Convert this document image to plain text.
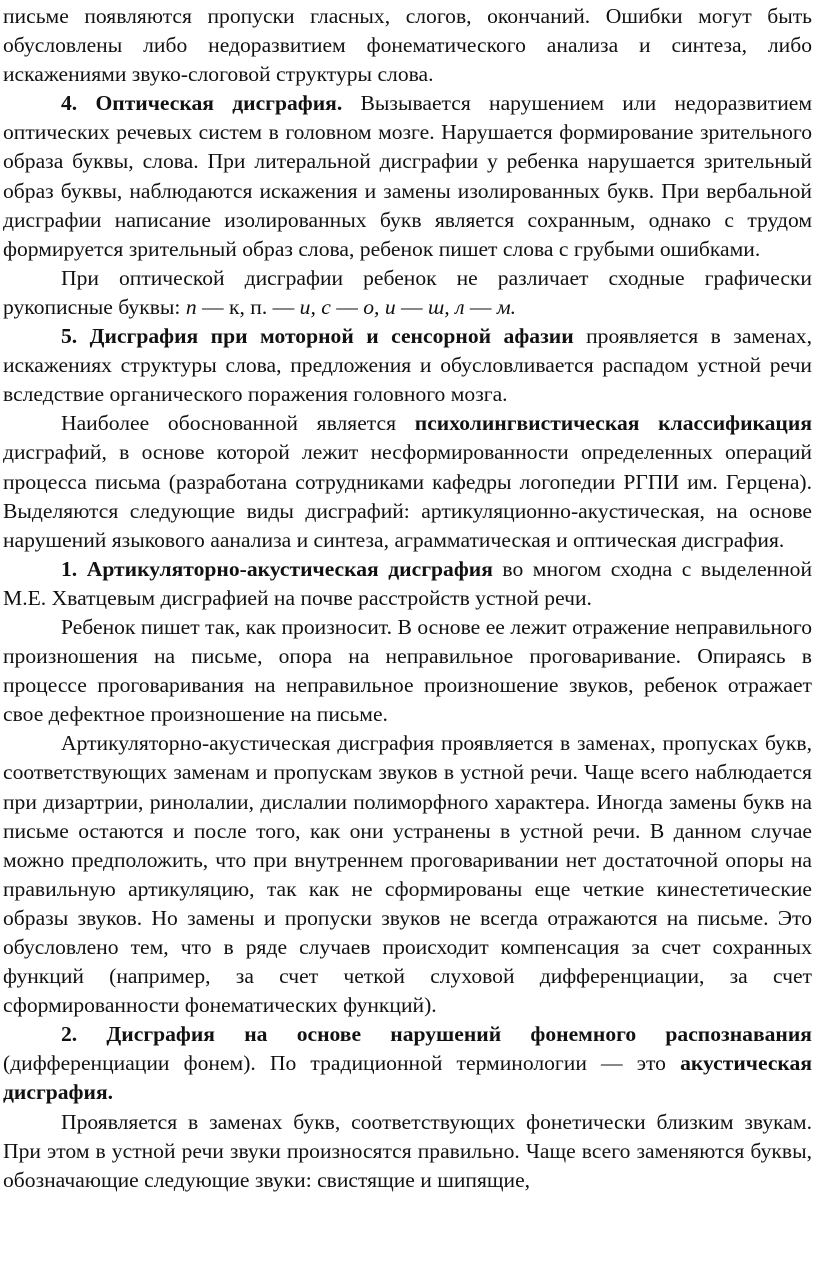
письме появляются пропуски гласных, слогов, окончаний. Ошибки могут быть обусловлены либо недоразвитием фонематического анализа и синтеза, либо искажениями звуко-слоговой структуры слова.

4. Оптическая дисграфия. Вызывается нарушением или недоразвитием оптических речевых систем в головном мозге. Нарушается формирование зрительного образа буквы, слова. При литеральной дисграфии у ребенка нарушается зрительный образ буквы, наблюдаются искажения и замены изолированных букв. При вербальной дисграфии написание изолированных букв является сохранным, однако с трудом формируется зрительный образ слова, ребенок пишет слова с грубыми ошибками.

При оптической дисграфии ребенок не различает сходные графически рукописные буквы: п — к, п. — и, с — о, и — ш, л — м.

5. Дисграфия при моторной и сенсорной афазии проявляется в заменах, искажениях структуры слова, предложения и обусловливается распадом устной речи вследствие органического поражения головного мозга.

Наиболее обоснованной является психолингвистическая классификация дисграфий, в основе которой лежит несформированности определенных операций процесса письма (разработана сотрудниками кафедры логопедии РГПИ им. Герцена). Выделяются следующие виды дисграфий: артикуляционно-акустическая, на основе нарушений языкового аанализа и синтеза, аграмматическая и оптическая дисграфия.

1. Артикуляторно-акустическая дисграфия во многом сходна с выделенной М.Е. Хватцевым дисграфией на почве расстройств устной речи.

Ребенок пишет так, как произносит. В основе ее лежит отражение неправильного произношения на письме, опора на неправильное проговаривание. Опираясь в процессе проговаривания на неправильное произношение звуков, ребенок отражает свое дефектное произношение на письме.

Артикуляторно-акустическая дисграфия проявляется в заменах, пропусках букв, соответствующих заменам и пропускам звуков в устной речи. Чаще всего наблюдается при дизартрии, ринолалии, дислалии полиморфного характера. Иногда замены букв на письме остаются и после того, как они устранены в устной речи. В данном случае можно предположить, что при внутреннем проговаривании нет достаточной опоры на правильную артикуляцию, так как не сформированы еще четкие кинестетические образы звуков. Но замены и пропуски звуков не всегда отражаются на письме. Это обусловлено тем, что в ряде случаев происходит компенсация за счет сохранных функций (например, за счет четкой слуховой дифференциации, за счет сформированности фонематических функций).

2. Дисграфия на основе нарушений фонемного распознавания (дифференциации фонем). По традиционной терминологии — это акустическая дисграфия.

Проявляется в заменах букв, соответствующих фонетически близким звукам. При этом в устной речи звуки произносятся правильно. Чаще всего заменяются буквы, обозначающие следующие звуки: свистящие и шипящие,
